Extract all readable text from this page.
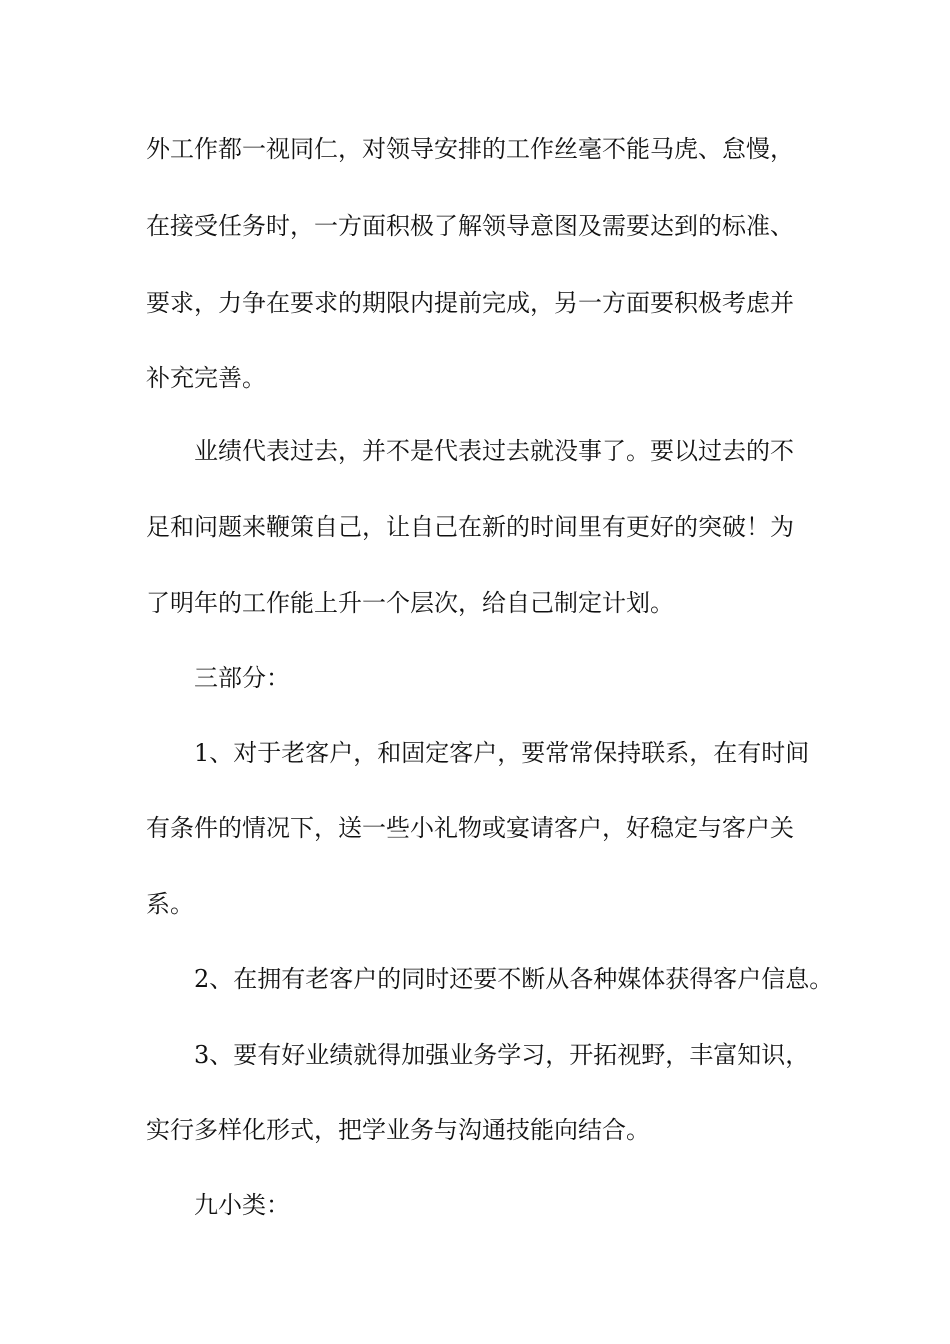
外工作都一视同仁，对领导安排的工作丝毫不能马虎、怠慢，
在接受任务时，一方面积极了解领导意图及需要达到的标准、
要求，力争在要求的期限内提前完成，另一方面要积极考虑并
补充完善。
业绩代表过去，并不是代表过去就没事了。要以过去的不
足和问题来鞭策自己，让自己在新的时间里有更好的突破！为
了明年的工作能上升一个层次，给自己制定计划。
三部分：
1、对于老客户，和固定客户，要常常保持联系，在有时间
有条件的情况下，送一些小礼物或宴请客户，好稳定与客户关
系。
2、在拥有老客户的同时还要不断从各种媒体获得客户信息。
3、要有好业绩就得加强业务学习，开拓视野，丰富知识，
实行多样化形式，把学业务与沟通技能向结合。
九小类：
